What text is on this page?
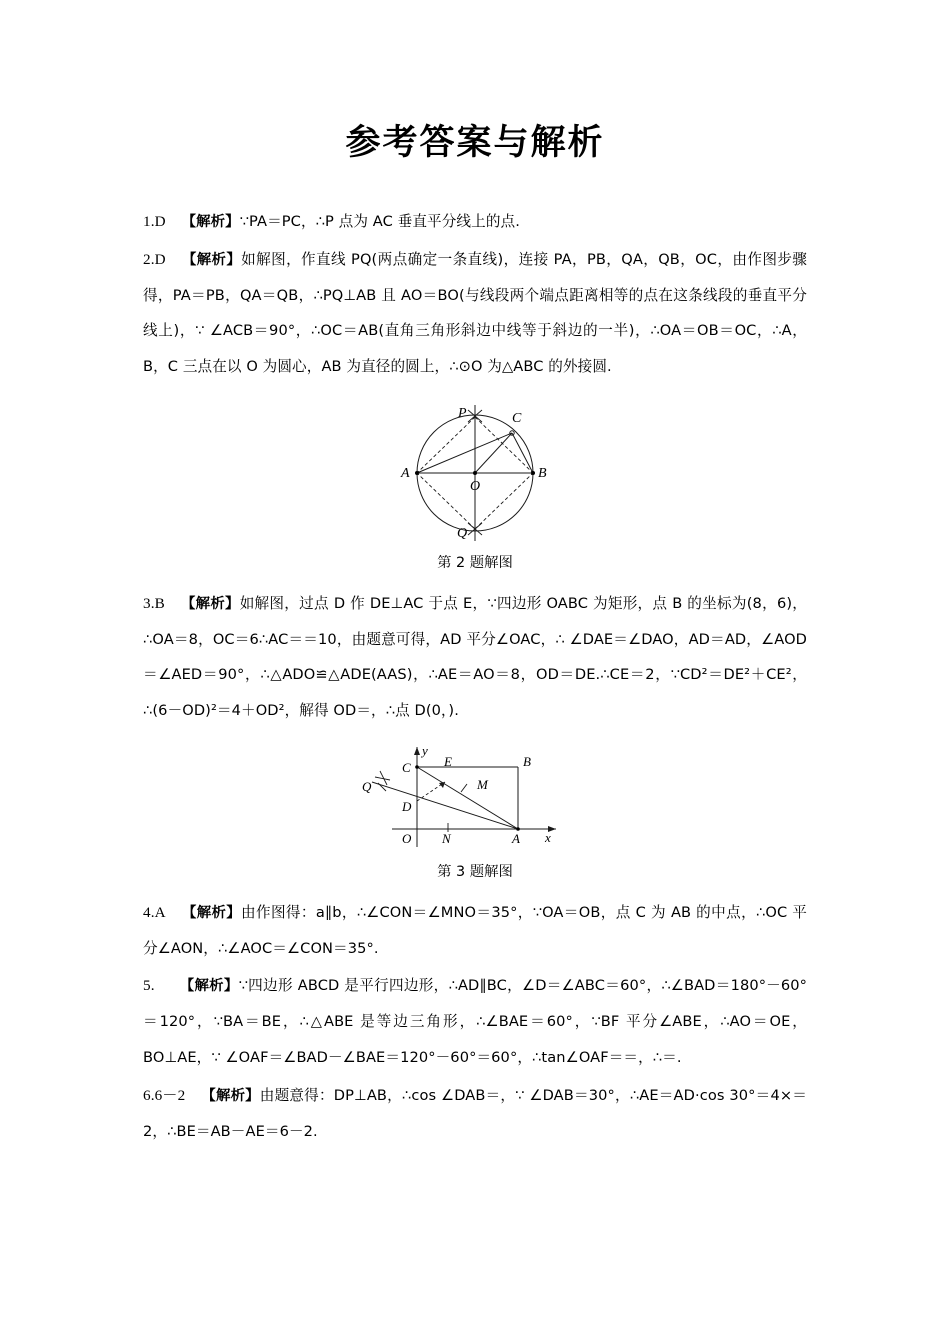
参考答案与解析

1.D 【解析】∵PA＝PC，∴P 点为 AC 垂直平分线上的点.

2.D 【解析】如解图，作直线 PQ(两点确定一条直线)，连接 PA，PB，QA，QB，OC，由作图步骤得，PA＝PB，QA＝QB，∴PQ⊥AB 且 AO＝BO(与线段两个端点距离相等的点在这条线段的垂直平分线上)，∵ ∠ACB＝90°，∴OC＝AB(直角三角形斜边中线等于斜边的一半)，∴OA＝OB＝OC，∴A，B，C 三点在以 O 为圆心，AB 为直径的圆上，∴⊙O 为△ABC 的外接圆.

P	C
A
O
B
Q
第 2 题解图

3.B 【解析】如解图，过点 D 作 DE⊥AC 于点 E，∵四边形 OABC 为矩形，点 B 的坐标为(8，6)，∴OA＝8，OC＝6∴AC＝＝10，由题意可得，AD 平分∠OAC，∴ ∠DAE＝∠DAO，AD＝AD，∠AOD＝∠AED＝90°，∴△ADO≌△ADE(AAS)，∴AE＝AO＝8，OD＝DE.∴CE＝2，∵CD²＝DE²＋CE²，∴(6－OD)²＝4＋OD²，解得 OD＝，∴点 D(0，).

y
C	E	B
M
Q
D
O N	A x
第 3 题解图

4.A 【解析】由作图得：a∥b，∴∠CON＝∠MNO＝35°，∵OA＝OB，点 C 为 AB 的中点，∴OC 平分∠AON，∴∠AOC＝∠CON＝35°.

5. 【解析】∵四边形 ABCD 是平行四边形，∴AD∥BC，∠D＝∠ABC＝60°，∴∠BAD＝180°－60°＝120°，∵BA＝BE，∴△ABE 是等边三角形，∴∠BAE＝60°，∵BF 平分∠ABE，∴AO＝OE，BO⊥AE，∵ ∠OAF＝∠BAD－∠BAE＝120°－60°＝60°，∴tan∠OAF＝＝，∴＝.

6.6－2 【解析】由题意得：DP⊥AB，∴cos ∠DAB＝，∵ ∠DAB＝30°，∴AE＝AD·cos 30°＝4×＝2，∴BE＝AB－AE＝6－2.
